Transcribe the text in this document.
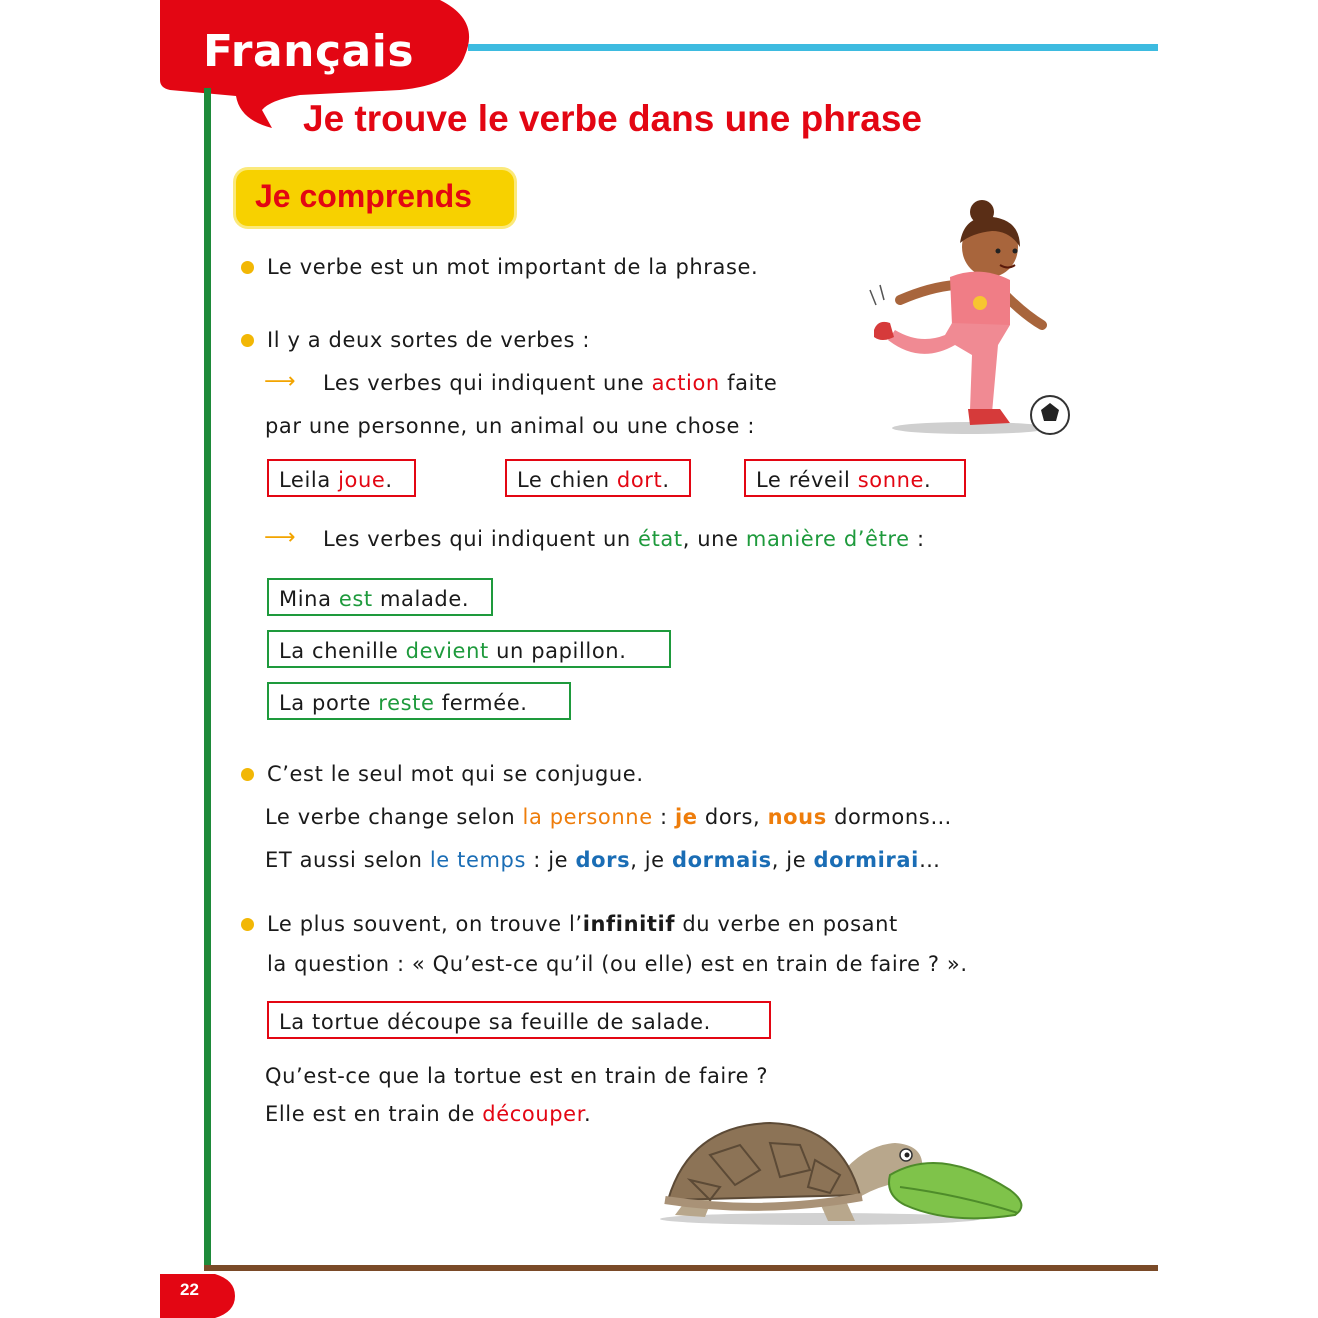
Français
Je trouve le verbe dans une phrase
Je comprends
Le verbe est un mot important de la phrase.
Il y a deux sortes de verbes :
⟶ Les verbes qui indiquent une action faite
par une personne, un animal ou une chose :
Leila joue.	Le chien dort.	Le réveil sonne.
⟶ Les verbes qui indiquent un état, une manière d’être :
Mina est malade.
La chenille devient un papillon.
La porte reste fermée.
C’est le seul mot qui se conjugue.
Le verbe change selon la personne : je dors, nous dormons…
ET aussi selon le temps : je dors, je dormais, je dormirai…
Le plus souvent, on trouve l’infinitif du verbe en posant
la question : « Qu’est-ce qu’il (ou elle) est en train de faire ? ».
La tortue découpe sa feuille de salade.
Qu’est-ce que la tortue est en train de faire ?
Elle est en train de découper.
22
